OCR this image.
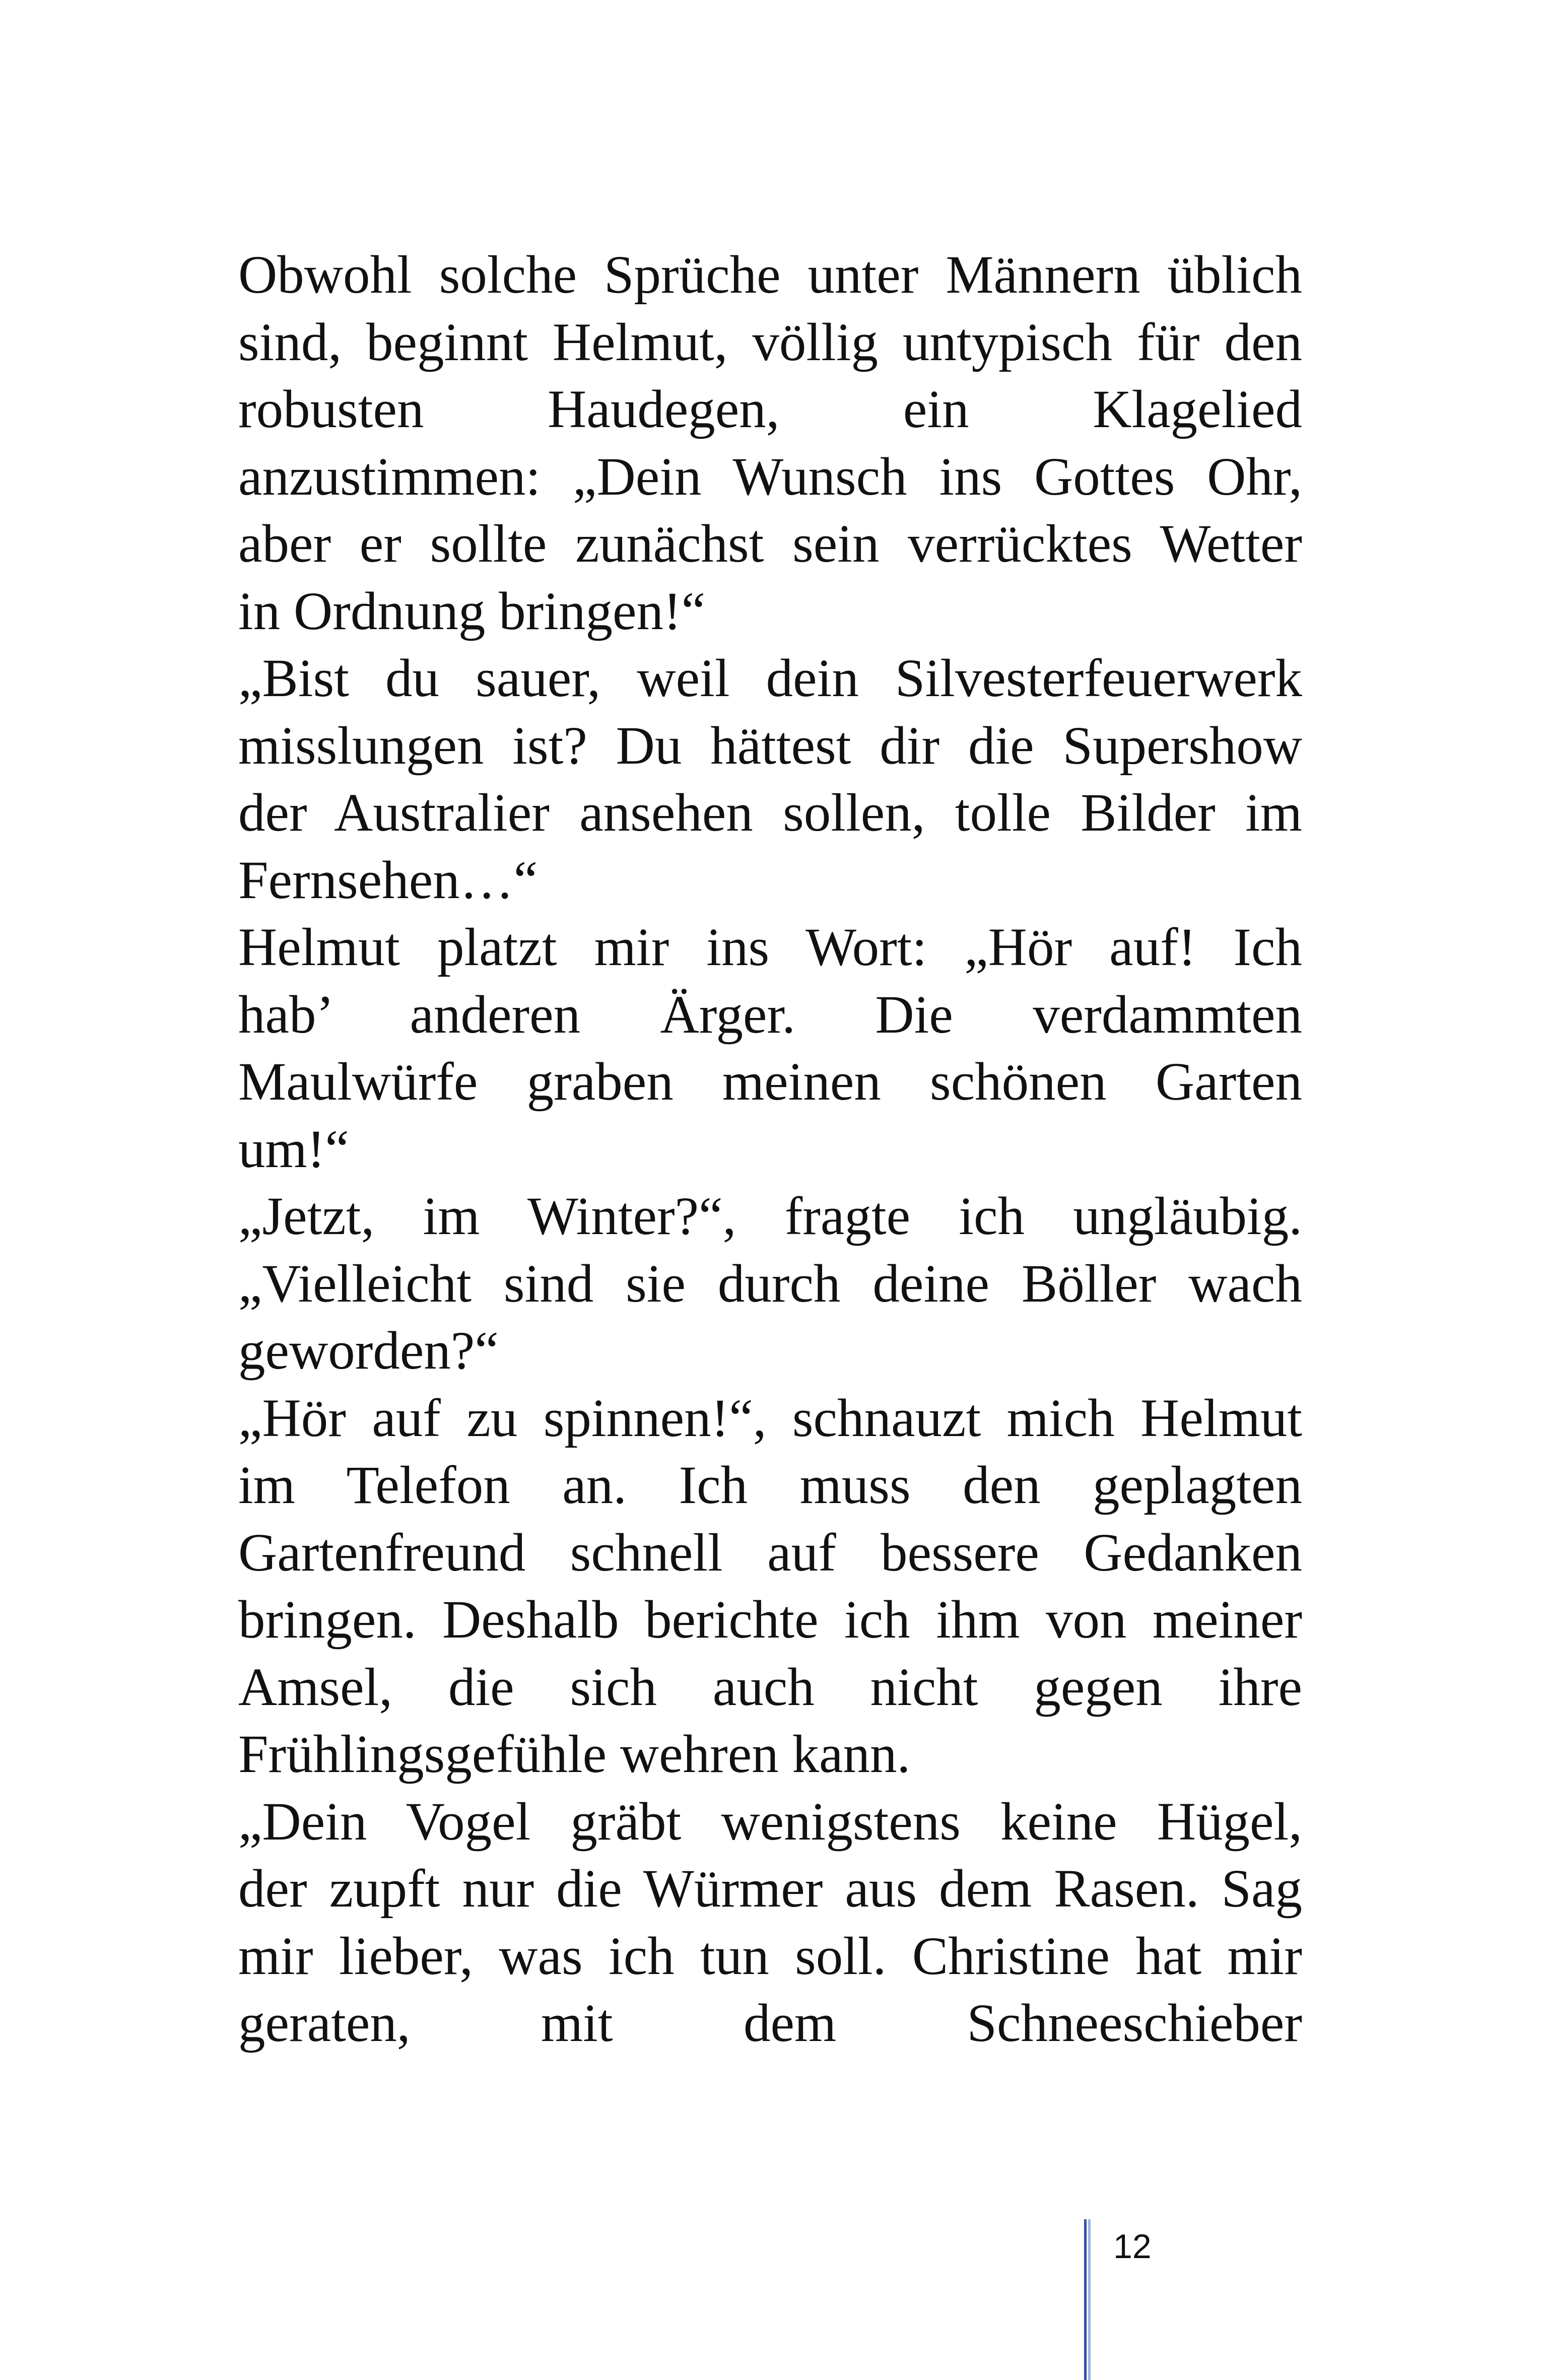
Obwohl solche Sprüche unter Männern üblich
sind, beginnt Helmut, völlig untypisch für den
robusten Haudegen, ein Klagelied
anzustimmen: „Dein Wunsch ins Gottes Ohr,
aber er sollte zunächst sein verrücktes Wetter
in Ordnung bringen!“
„Bist du sauer, weil dein Silvesterfeuerwerk
misslungen ist? Du hättest dir die Supershow
der Australier ansehen sollen, tolle Bilder im
Fernsehen…“
Helmut platzt mir ins Wort: „Hör auf! Ich
hab’ anderen Ärger. Die verdammten
Maulwürfe graben meinen schönen Garten
um!“
„Jetzt, im Winter?“, fragte ich ungläubig.
„Vielleicht sind sie durch deine Böller wach
geworden?“
„Hör auf zu spinnen!“, schnauzt mich Helmut
im Telefon an. Ich muss den geplagten
Gartenfreund schnell auf bessere Gedanken
bringen. Deshalb berichte ich ihm von meiner
Amsel, die sich auch nicht gegen ihre
Frühlingsgefühle wehren kann.
„Dein Vogel gräbt wenigstens keine Hügel,
der zupft nur die Würmer aus dem Rasen. Sag
mir lieber, was ich tun soll. Christine hat mir
geraten, mit dem Schneeschieber
12
